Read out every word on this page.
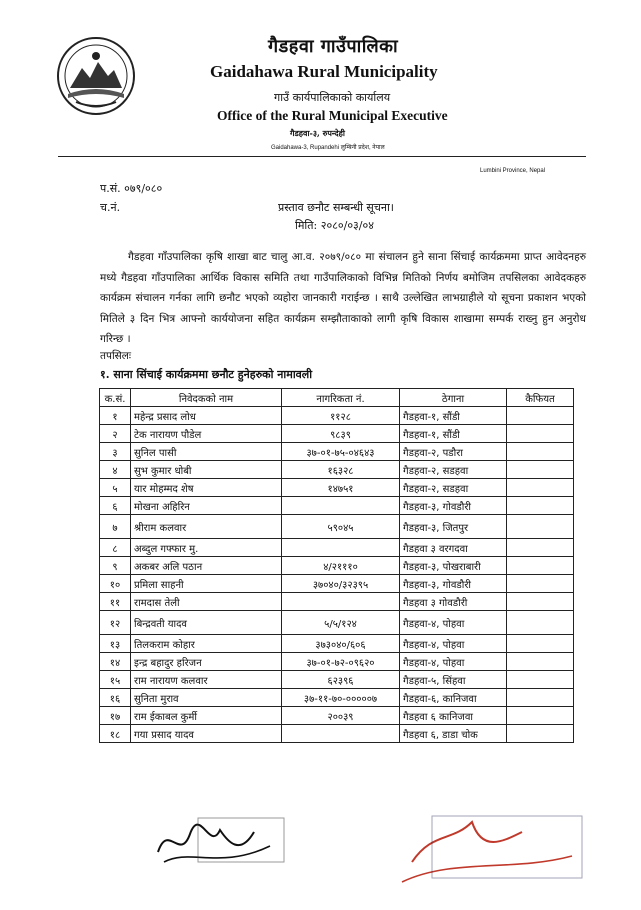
गैडहवा गाउँपालिका
Gaidahawa Rural Municipality
गाउँ कार्यपालिकाको कार्यालय
Office of the Rural Municipal Executive
गैडहवा-३, रुपन्देही
Gaidahawa-3, Rupandehi लुम्बिनी प्रदेश, नेपाल
Lumbini Province, Nepal
प.सं. ०७९/०८०
च.नं.	प्रस्ताव छनौट सम्बन्धी सूचना।
मिति: २०८०/०३/०४
गैडहवा गाँउपालिका कृषि शाखा बाट चालु आ.व. २०७९/०८० मा संचालन हुने साना सिंचाई कार्यक्रममा प्राप्त आवेदनहरु मध्ये गैडहवा गाँउपालिका आर्थिक विकास समिति तथा गाउँपालिकाको विभिन्न मितिको निर्णय बमोजिम तपसिलका आवेदकहरु कार्यक्रम संचालन गर्नका लागि छनौट भएको व्यहोरा जानकारी गराईन्छ । साथै उल्लेखित लाभग्राहीले यो सूचना प्रकाशन भएको मितिले ३ दिन भित्र आफ्नो कार्ययोजना सहित कार्यक्रम सम्झौताकाको लागी कृषि विकास शाखामा सम्पर्क राख्नु हुन अनुरोध गरिन्छ ।
तपसिलः
१. साना सिंचाई कार्यक्रममा छनौट हुनेहरुको नामावली
क.सं.	निवेदकको नाम	नागरिकता नं.	ठेगाना	कैफियत
१	महेन्द्र प्रसाद लोध	११२८	गैडहवा-१, सौंडी	
२	टेक नारायण पौडेल	९८३९	गैडहवा-१, सौंडी	
३	सुनिल पासी	३७-०१-७५-०४६४३	गैडहवा-२, पडौरा	
४	सुभ कुमार धोबी	१६३२८	गैडहवा-२, सडहवा	
५	यार मोहम्मद शेष	१४७५१	गैडहवा-२, सडहवा	
६	मोखना अहिरिन		गैडहवा-३, गोवडौरी	
७	श्रीराम कलवार	५९०४५	गैडहवा-३, जितपुर	
८	अब्दुल गफ्फार मु.		गैडहवा ३ वरगदवा	
९	अकबर अलि पठान	४/२१११०	गैडहवा-३, पोखराबारी	
१०	प्रमिला साहनी	३७०४०/३२३९५	गैडहवा-३, गोवडौरी	
११	रामदास तेली		गैडहवा ३ गोवडौरी	
१२	बिन्द्रवती यादव	५/५/१२४	गैडहवा-४, पोहवा	
१३	तिलकराम कोहार	३७३०४०/६०६	गैडहवा-४, पोहवा	
१४	इन्द्र बहादुर हरिजन	३७-०१-७२-०९६२०	गैडहवा-४, पोहवा	
१५	राम नारायण कलवार	६२३९६	गैडहवा-५, सिंहवा	
१६	सुनिता मुराव	३७-११-७०-०००००७	गैडहवा-६, कानिजवा	
१७	राम ईकाबल कुर्मी	२००३९	गैडहवा ६ कानिजवा	
१८	गया प्रसाद यादव		गैडहवा ६, डाडा चोक	
